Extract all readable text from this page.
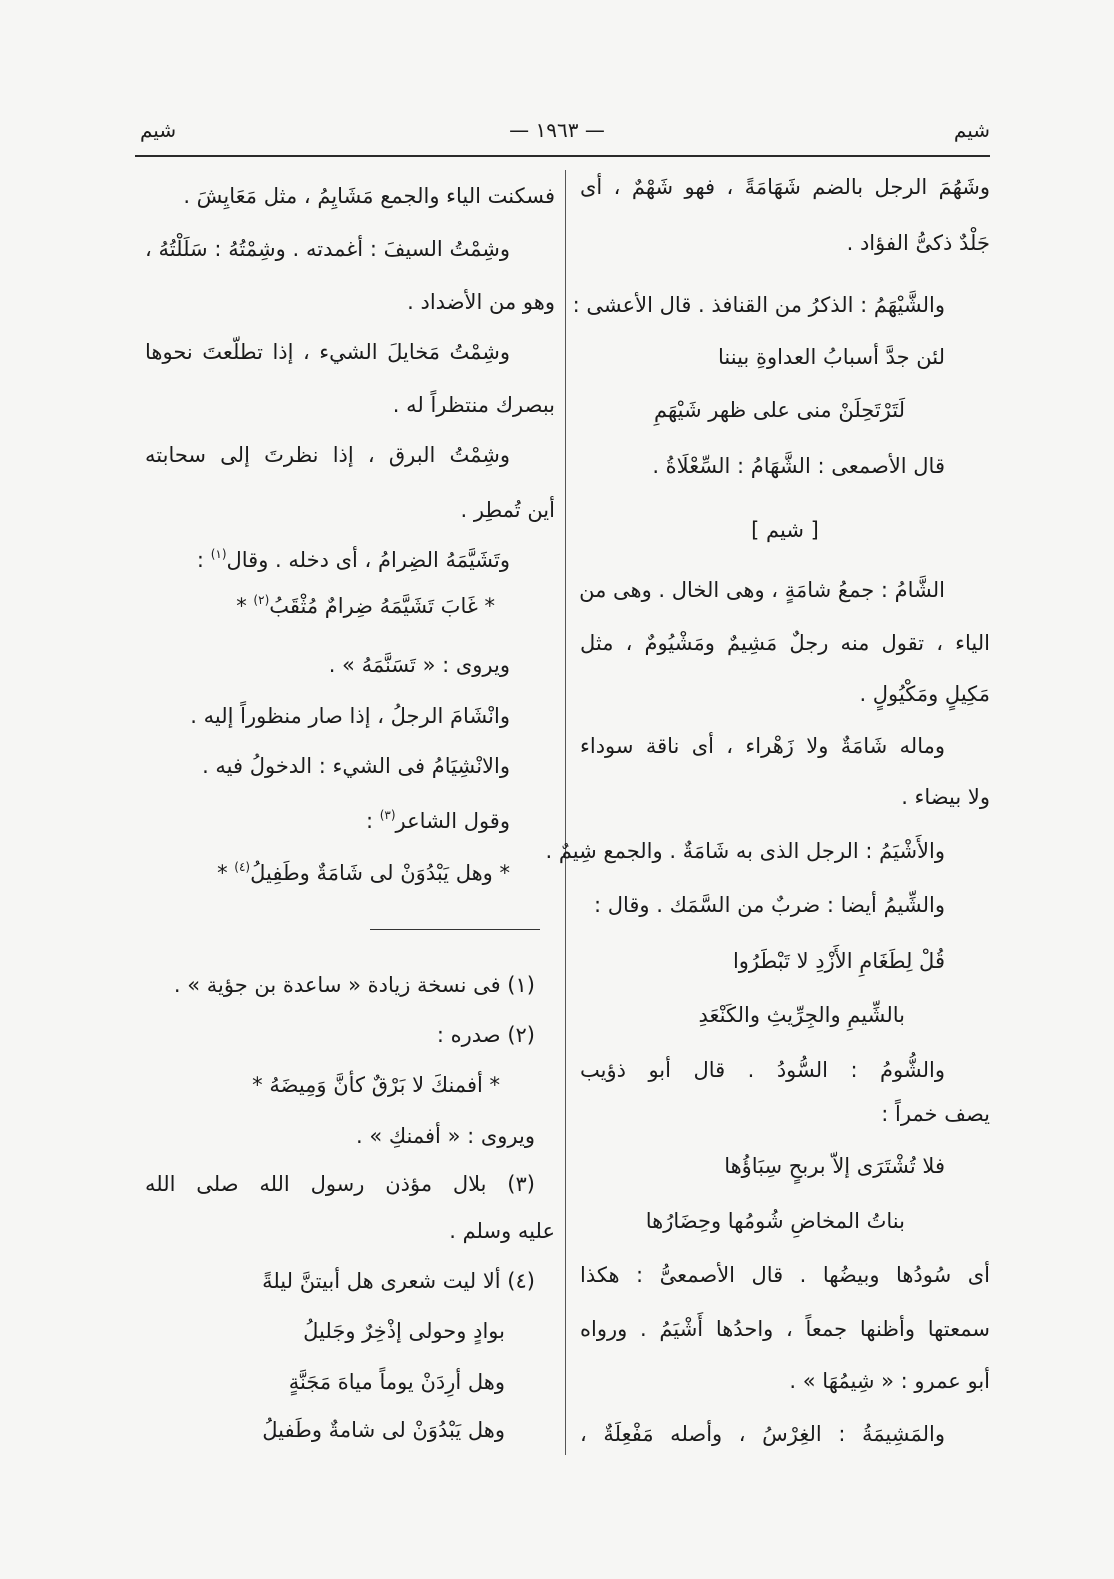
شيم
— ١٩٦٣ —
شيم
وشَهُمَ الرجل بالضم شَهَامَةً ، فهو شَهْمٌ ، أى
جَلْدٌ ذكىُّ الفؤاد .
والشَّيْهَمُ : الذكرُ من القنافذ . قال الأعشى :
لئن جدَّ أسبابُ العداوةِ بيننا
لَتَرْتَحِلَنْ منى على ظهر شَيْهَمِ
قال الأصمعى : الشَّهَامُ : السِّعْلَاةُ .
[ شيم ]
الشَّامُ : جمعُ شامَةٍ ، وهى الخال . وهى من
الياء ، تقول منه رجلٌ مَشِيمٌ ومَشْيُومٌ ، مثل
مَكِيلٍ ومَكْيُولٍ .
وماله شَامَةٌ ولا زَهْراء ، أى ناقة سوداء
ولا بيضاء .
والأَشْيَمُ : الرجل الذى به شَامَةٌ . والجمع شِيمٌ .
والشِّيمُ أيضا : ضربٌ من السَّمَك . وقال :
قُلْ لِطَغَامِ الأَزْدِ لا تَبْطَرُوا
بالشِّيمِ والجِرِّيثِ والكَنْعَدِ
والشُّومُ : السُّودُ . قال أبو ذؤيب
يصف خمراً :
فلا تُشْتَرَى إلاّ بربحٍ سِبَاؤُها
بناتُ المخاضِ شُومُها وحِضَارُها
أى سُودُها وبيضُها . قال الأصمعىُّ : هكذا
سمعتها وأظنها جمعاً ، واحدُها أَشْيَمُ . ورواه
أبو عمرو : « شِيمُهَا » .
والمَشِيمَةُ : الغِرْسُ ، وأصله مَفْعِلَةٌ ،
فسكنت الياء والجمع مَشَايِمُ ، مثل مَعَايِشَ .
وشِمْتُ السيفَ : أغمدته . وشِمْتُهُ : سَلَلْتُهُ ،
وهو من الأضداد .
وشِمْتُ مَخايلَ الشيء ، إذا تطلّعتَ نحوها
ببصرك منتظراً له .
وشِمْتُ البرق ، إذا نظرتَ إلى سحابته
أين تُمطِر .
وتَشَيَّمَهُ الضِرامُ ، أى دخله . وقال$^{(١)}$ :
* غَابَ تَشَيَّمَهُ ضِرامٌ مُثْقَبُ$^{(٢)}$ *
ويروى : « تَسَنَّمَهُ » .
وانْشَامَ الرجلُ ، إذا صار منظوراً إليه .
والانْشِيَامُ فى الشيء : الدخولُ فيه .
وقول الشاعر$^{(٣)}$ :
* وهل يَبْدُوَنْ لى شَامَةٌ وطَفِيلُ$^{(٤)}$ *
(١) فى نسخة زيادة « ساعدة بن جؤية » .
(٢) صدره :
* أفمنكَ لا بَرْقٌ كأنَّ وَمِيضَهُ *
ويروى : « أفمنكِ » .
(٣) بلال مؤذن رسول الله صلى الله
عليه وسلم .
(٤) ألا ليت شعرى هل أبيتنَّ ليلةً
بوادٍ وحولى إذْخِرٌ وجَليلُ
وهل أرِدَنْ يوماً مياهَ مَجَنَّةٍ
وهل يَبْدُوَنْ لى شامةٌ وطَفيلُ
